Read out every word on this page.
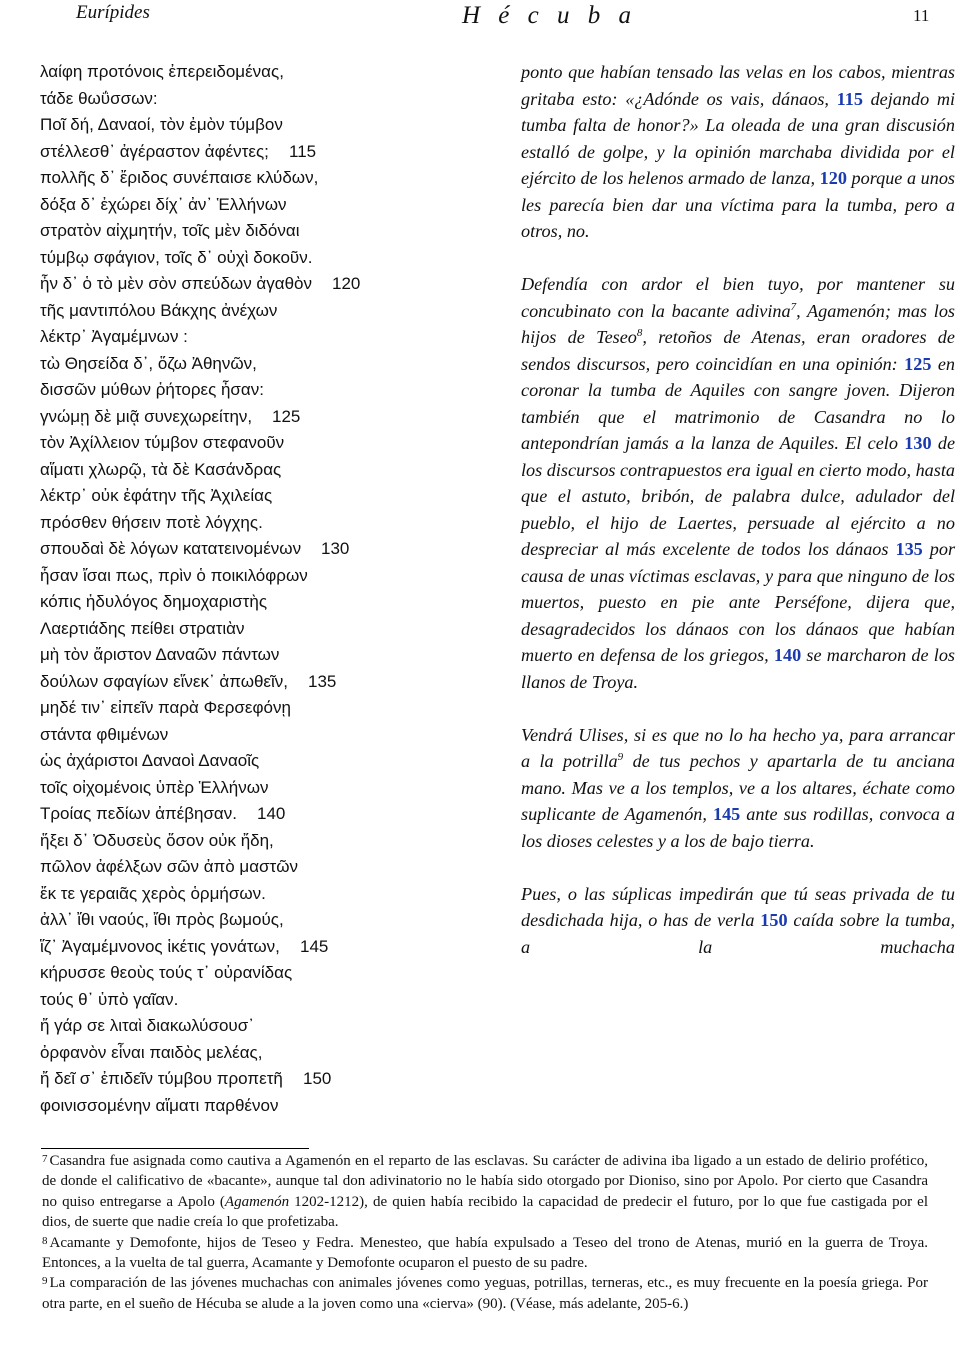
Eurípides	H é c u b a	11
λαίφη προτόνοις ἐπερειδομένας,
τάδε θωΰσσων:
Ποῖ δή, Δαναοί, τὸν ἐμὸν τύμβον
στέλλεσθ᾽ ἀγέραστον ἀφέντες; 115
πολλῆς δ᾽ ἔριδος συνέπαισε κλύδων,
δόξα δ᾽ ἐχώρει δίχ᾽ ἀν᾽ Ἑλλήνων
στρατὸν αἰχμητήν, τοῖς μὲν διδόναι
τύμβῳ σφάγιον, τοῖς δ᾽ οὐχὶ δοκοῦν.
ἦν δ᾽ ὁ τὸ μὲν σὸν σπεύδων ἀγαθὸν 120
τῆς μαντιπόλου Βάκχης ἀνέχων
λέκτρ᾽ Ἀγαμέμνων :
τὼ Θησείδα δ᾽, ὅζω Ἀθηνῶν,
δισσῶν μύθων ῥήτορες ἦσαν:
γνώμῃ δὲ μιᾷ συνεχωρείτην, 125
τὸν Ἀχίλλειον τύμβον στεφανοῦν
αἵματι χλωρῷ, τὰ δὲ Κασάνδρας
λέκτρ᾽ οὐκ ἐφάτην τῆς Ἀχιλείας
πρόσθεν θήσειν ποτὲ λόγχης.
σπουδαὶ δὲ λόγων κατατεινομένων 130
ἦσαν ἴσαι πως, πρὶν ὁ ποικιλόφρων
κόπις ἡδυλόγος δημοχαριστὴς
Λαερτιάδης πείθει στρατιὰν
μὴ τὸν ἄριστον Δαναῶν πάντων
δούλων σφαγίων εἵνεκ᾽ ἀπωθεῖν, 135
μηδέ τιν᾽ εἰπεῖν παρὰ Φερσεφόνῃ
στάντα φθιμένων
ὡς ἀχάριστοι Δαναοὶ Δαναοῖς
τοῖς οἰχομένοις ὑπὲρ Ἑλλήνων
Τροίας πεδίων ἀπέβησαν. 140
ἥξει δ᾽ Ὀδυσεὺς ὅσον οὐκ ἤδη,
πῶλον ἀφέλξων σῶν ἀπὸ μαστῶν
ἔκ τε γεραιᾶς χερὸς ὁρμήσων.
ἀλλ᾽ ἴθι ναούς, ἴθι πρὸς βωμούς,
ἵζ᾽ Ἀγαμέμνονος ἱκέτις γονάτων, 145
κήρυσσε θεοὺς τούς τ᾽ οὐρανίδας
τούς θ᾽ ὑπὸ γαῖαν.
ἤ γάρ σε λιταὶ διακωλύσουσ᾽
ὀρφανὸν εἶναι παιδὸς μελέας,
ἤ δεῖ σ᾽ ἐπιδεῖν τύμβου προπετῆ 150
φοινισσομένην αἵματι παρθένον

ponto que habían tensado las velas en los cabos, mientras gritaba esto: «¿Adónde os vais, dánaos, 115 dejando mi tumba falta de honor?» La oleada de una gran discusión estalló de golpe, y la opinión marchaba dividida por el ejército de los helenos armado de lanza, 120 porque a unos les parecía bien dar una víctima para la tumba, pero a otros, no.

Defendía con ardor el bien tuyo, por mantener su concubinato con la bacante adivina$^7$, Agamenón; mas los hijos de Teseo$^8$, retoños de Atenas, eran oradores de sendos discursos, pero coincidían en una opinión: 125 en coronar la tumba de Aquiles con sangre joven. Dijeron también que el matrimonio de Casandra no lo antepondrían jamás a la lanza de Aquiles. El celo 130 de los discursos contrapuestos era igual en cierto modo, hasta que el astuto, bribón, de palabra dulce, adulador del pueblo, el hijo de Laertes, persuade al ejército a no despreciar al más excelente de todos los dánaos 135 por causa de unas víctimas esclavas, y para que ninguno de los muertos, puesto en pie ante Perséfone, dijera que, desagradecidos los dánaos con los dánaos que habían muerto en defensa de los griegos, 140 se marcharon de los llanos de Troya.

Vendrá Ulises, si es que no lo ha hecho ya, para arrancar a la potrilla$^9$ de tus pechos y apartarla de tu anciana mano. Mas ve a los templos, ve a los altares, échate como suplicante de Agamenón, 145 ante sus rodillas, convoca a los dioses celestes y a los de bajo tierra.

Pues, o las súplicas impedirán que tú seas privada de tu desdichada hija, o has de verla 150 caída sobre la tumba, a la muchacha

$^7$ Casandra fue asignada como cautiva a Agamenón en el reparto de las esclavas. Su carácter de adivina iba ligado a un estado de delirio profético, de donde el calificativo de «bacante», aunque tal don adivinatorio no le había sido otorgado por Dioniso, sino por Apolo. Por cierto que Casandra no quiso entregarse a Apolo (Agamenón 1202-1212), de quien había recibido la capacidad de predecir el futuro, por lo que fue castigada por el dios, de suerte que nadie creía lo que profetizaba.

$^8$ Acamante y Demofonte, hijos de Teseo y Fedra. Menesteo, que había expulsado a Teseo del trono de Atenas, murió en la guerra de Troya. Entonces, a la vuelta de tal guerra, Acamante y Demofonte ocuparon el puesto de su padre.

$^9$ La comparación de las jóvenes muchachas con animales jóvenes como yeguas, potrillas, terneras, etc., es muy frecuente en la poesía griega. Por otra parte, en el sueño de Hécuba se alude a la joven como una «cierva» (90). (Véase, más adelante, 205-6.)
